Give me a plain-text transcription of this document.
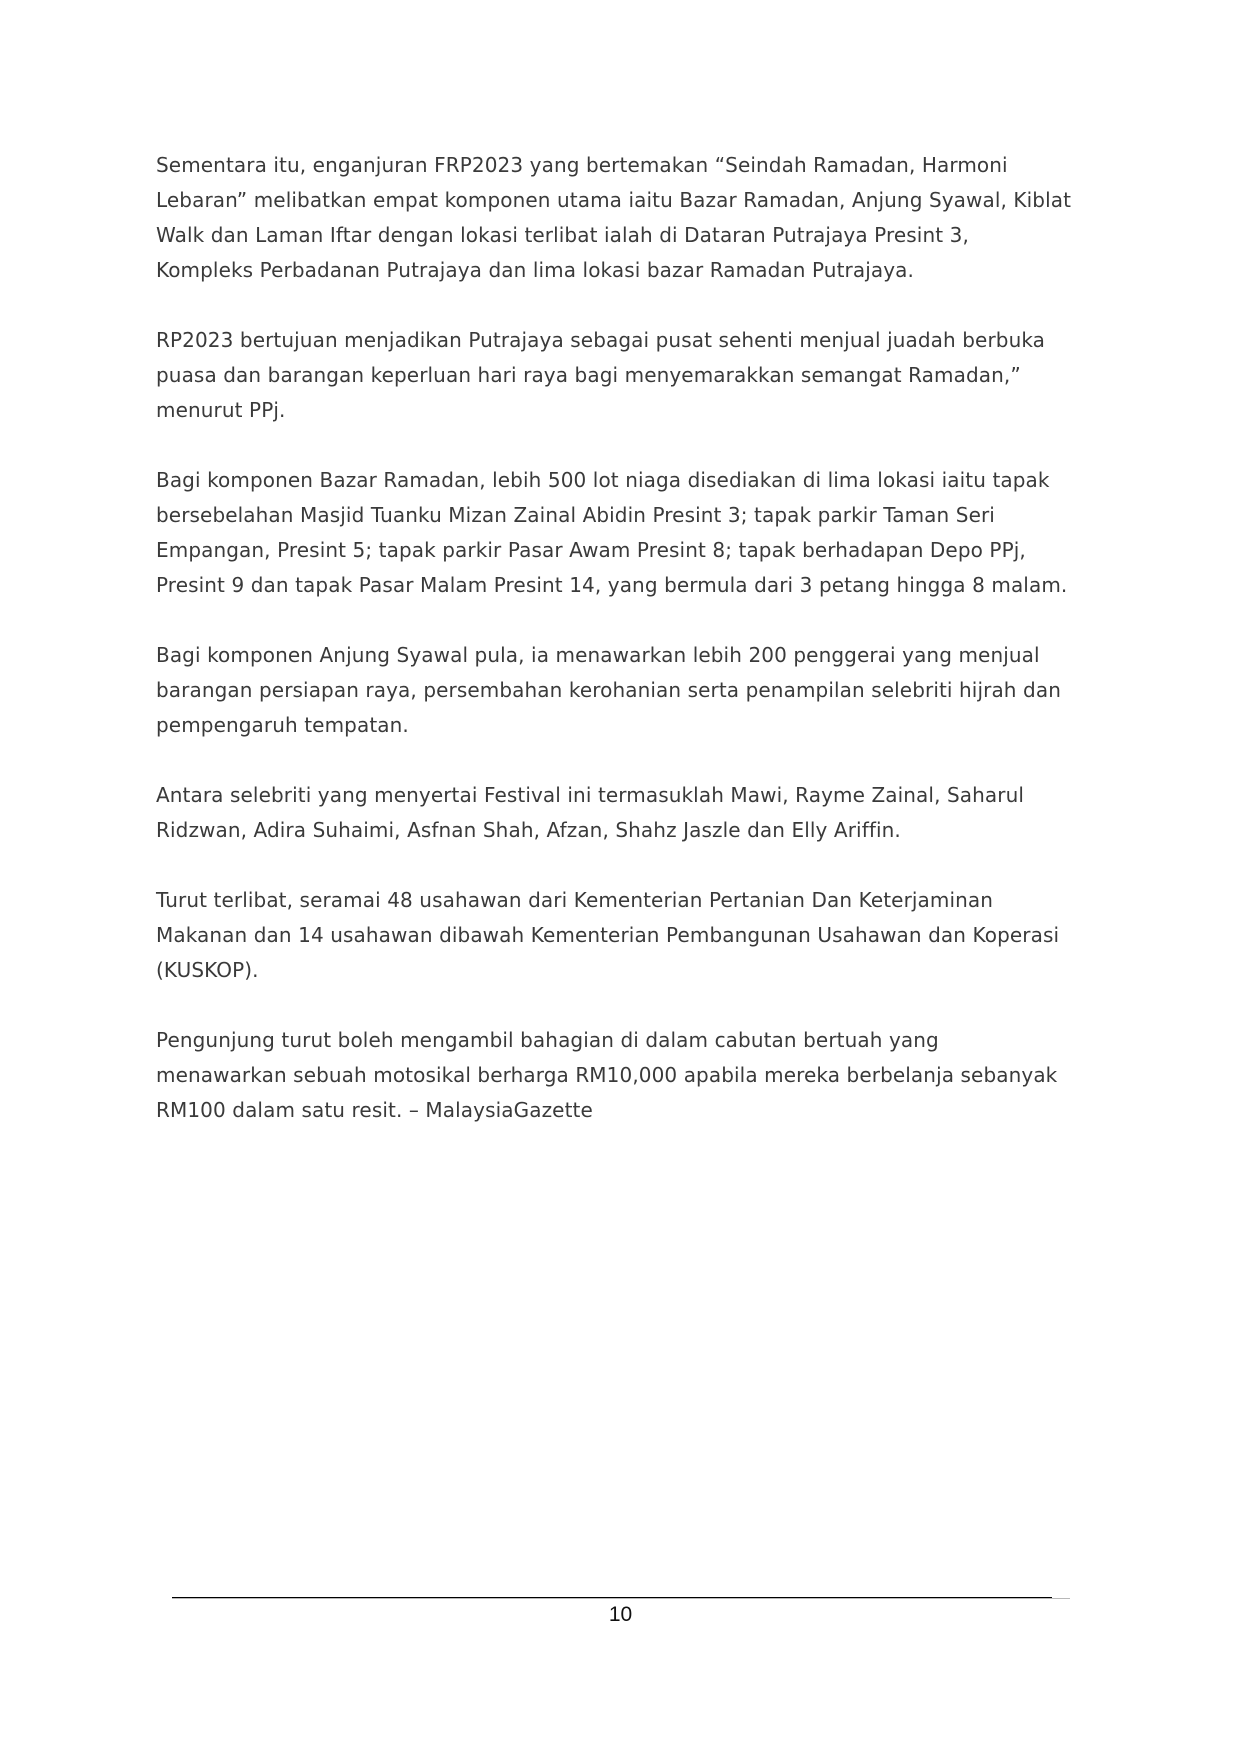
Sementara itu, enganjuran FRP2023 yang bertemakan “Seindah Ramadan, Harmoni
Lebaran” melibatkan empat komponen utama iaitu Bazar Ramadan, Anjung Syawal, Kiblat
Walk dan Laman Iftar dengan lokasi terlibat ialah di Dataran Putrajaya Presint 3,
Kompleks Perbadanan Putrajaya dan lima lokasi bazar Ramadan Putrajaya.

RP2023 bertujuan menjadikan Putrajaya sebagai pusat sehenti menjual juadah berbuka
puasa dan barangan keperluan hari raya bagi menyemarakkan semangat Ramadan,”
menurut PPj.

Bagi komponen Bazar Ramadan, lebih 500 lot niaga disediakan di lima lokasi iaitu tapak
bersebelahan Masjid Tuanku Mizan Zainal Abidin Presint 3; tapak parkir Taman Seri
Empangan, Presint 5; tapak parkir Pasar Awam Presint 8; tapak berhadapan Depo PPj,
Presint 9 dan tapak Pasar Malam Presint 14, yang bermula dari 3 petang hingga 8 malam.

Bagi komponen Anjung Syawal pula, ia menawarkan lebih 200 penggerai yang menjual
barangan persiapan raya, persembahan kerohanian serta penampilan selebriti hijrah dan
pempengaruh tempatan.

Antara selebriti yang menyertai Festival ini termasuklah Mawi, Rayme Zainal, Saharul
Ridzwan, Adira Suhaimi, Asfnan Shah, Afzan, Shahz Jaszle dan Elly Ariffin.

Turut terlibat, seramai 48 usahawan dari Kementerian Pertanian Dan Keterjaminan
Makanan dan 14 usahawan dibawah Kementerian Pembangunan Usahawan dan Koperasi
(KUSKOP).

Pengunjung turut boleh mengambil bahagian di dalam cabutan bertuah yang
menawarkan sebuah motosikal berharga RM10,000 apabila mereka berbelanja sebanyak
RM100 dalam satu resit. – MalaysiaGazette

10
